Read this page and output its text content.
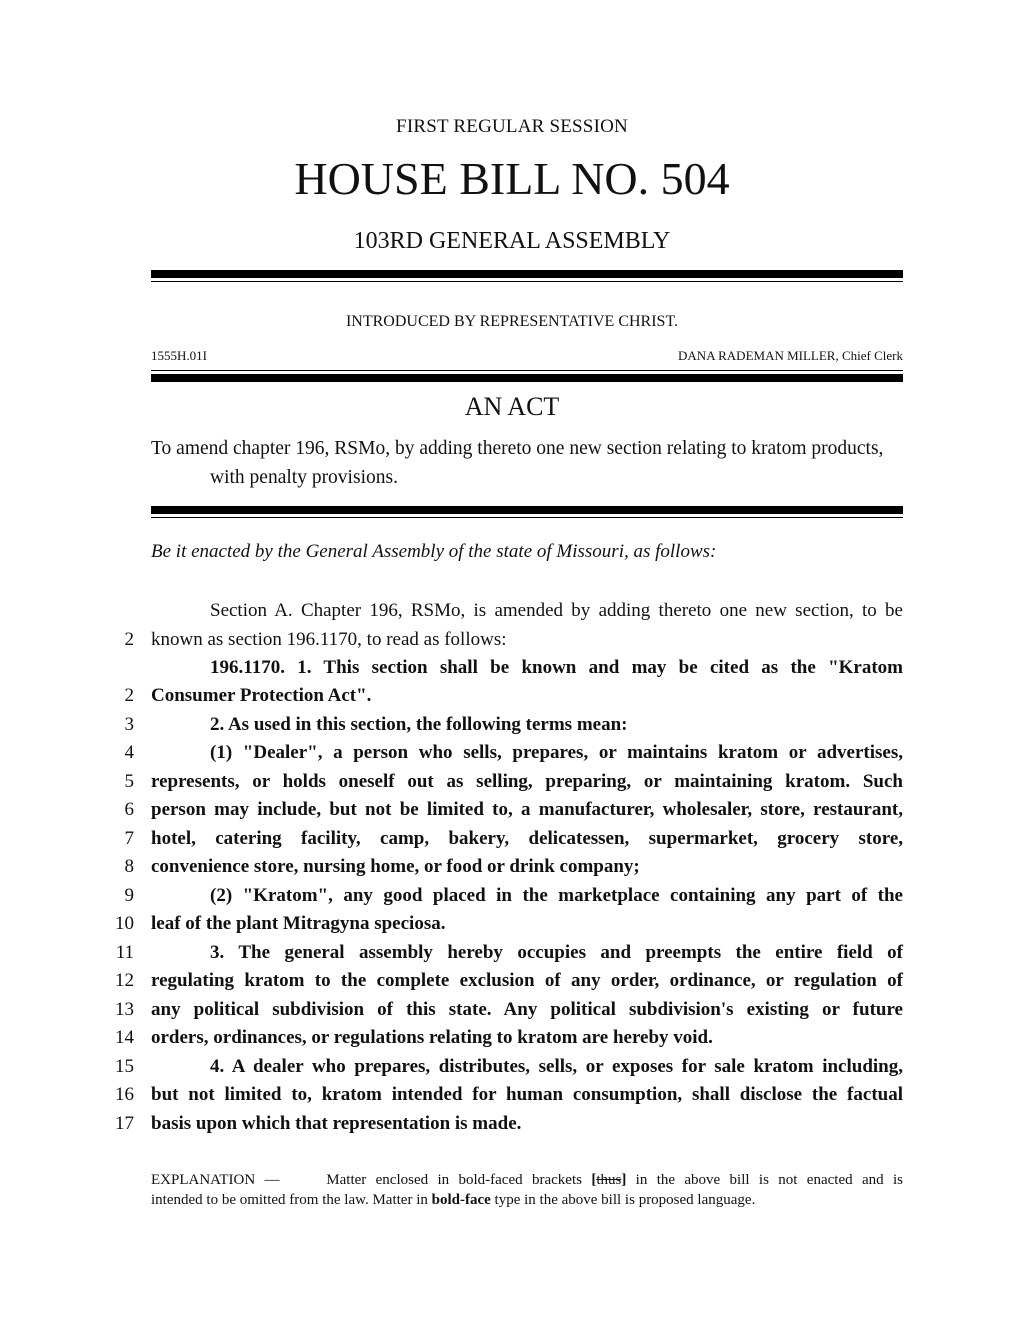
FIRST REGULAR SESSION
HOUSE BILL NO. 504
103RD GENERAL ASSEMBLY
INTRODUCED BY REPRESENTATIVE CHRIST.
1555H.01I	DANA RADEMAN MILLER, Chief Clerk
AN ACT
To amend chapter 196, RSMo, by adding thereto one new section relating to kratom products,
with penalty provisions.
Be it enacted by the General Assembly of the state of Missouri, as follows:
Section A. Chapter 196, RSMo, is amended by adding thereto one new section, to be
2 known as section 196.1170, to read as follows:
196.1170. 1. This section shall be known and may be cited as the "Kratom
2 Consumer Protection Act".
3	2. As used in this section, the following terms mean:
4	(1) "Dealer", a person who sells, prepares, or maintains kratom or advertises,
5 represents, or holds oneself out as selling, preparing, or maintaining kratom. Such
6 person may include, but not be limited to, a manufacturer, wholesaler, store, restaurant,
7 hotel, catering facility, camp, bakery, delicatessen, supermarket, grocery store,
8 convenience store, nursing home, or food or drink company;
9	(2) "Kratom", any good placed in the marketplace containing any part of the
10 leaf of the plant Mitragyna speciosa.
11	3. The general assembly hereby occupies and preempts the entire field of
12 regulating kratom to the complete exclusion of any order, ordinance, or regulation of
13 any political subdivision of this state. Any political subdivision's existing or future
14 orders, ordinances, or regulations relating to kratom are hereby void.
15	4. A dealer who prepares, distributes, sells, or exposes for sale kratom including,
16 but not limited to, kratom intended for human consumption, shall disclose the factual
17 basis upon which that representation is made.
EXPLANATION —	Matter enclosed in bold-faced brackets [thus] in the above bill is not enacted and is
intended to be omitted from the law. Matter in bold-face type in the above bill is proposed language.
